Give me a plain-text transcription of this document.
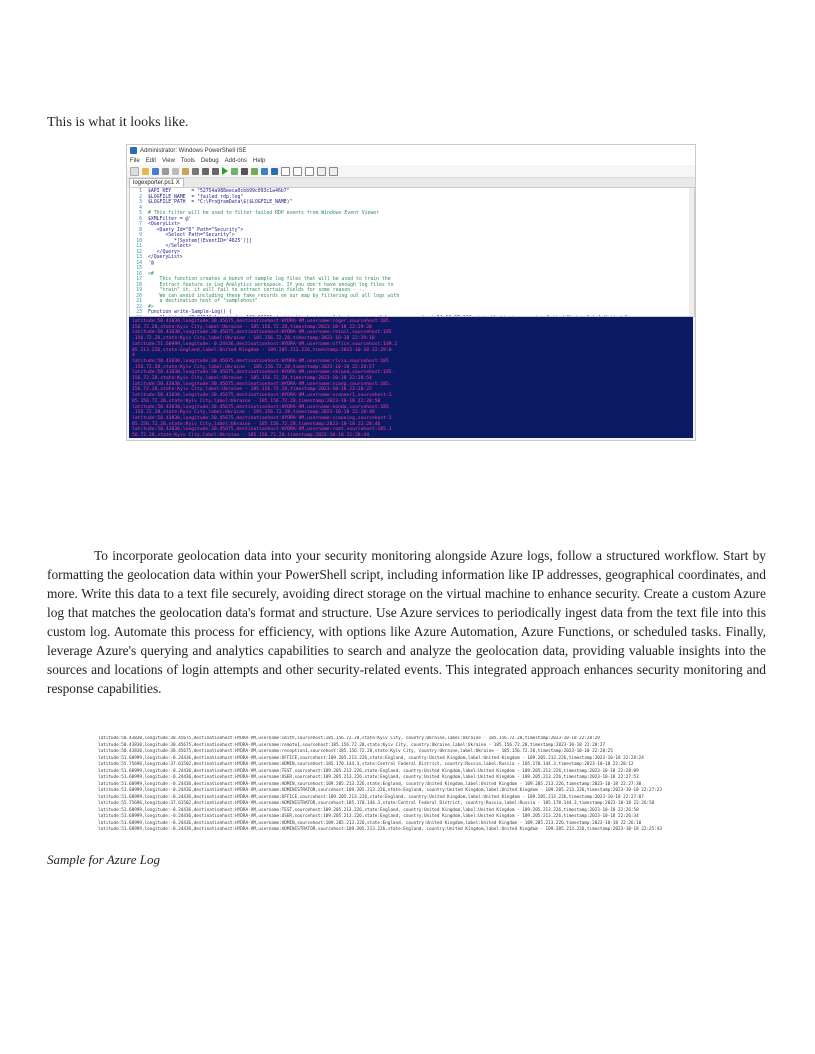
This is what it looks like.
Administrator: Windows PowerShell ISE
File Edit View Tools Debug Add-ons Help
logexporter.ps1 X
1
2
3
4
5
6
7
8
9
10
11
12
13
14
15
16
17
18
19
20
21
22
23
$API_KEY       = "52754a988eeca0cbb99c093c1a46b7"
$LOGFILE_NAME  = "failed_rdp.log"
$LOGFILE_PATH  = "C:\ProgramData\$($LOGFILE_NAME)"

# This filter will be used to filter failed RDP events from Windows Event Viewer
$XMLFilter = @'
<QueryList>
<Query Id="0" Path="Security">
<Select Path="Security">
*[System[(EventID='4625')]]
</Select>
</Query>
</QueryList>
'@

<#
This function creates a bunch of sample log files that will be used to train the
Extract feature in Log Analytics workspace. If you don't have enough log files to
"train" it, it will fail to extract certain fields for some reason -_-.
We can avoid including these fake records on our map by filtering out all logs with
a destination host of "samplehost"
#>
Function write-Sample-Log() {
latitude:50.43830,longitude:30.45675,destinationhost:HYDRA-VM,username:roger,sourcehost:185.
156.72.28,state:Kyiv City,label:Ukraine - 185.156.72.28,timestamp:2023-10-18 22:29:20
latitude:50.43830,longitude:30.45675,destinationhost:HYDRA-VM,username:retail,sourcehost:185
.156.72.28,state:Kyiv City,label:Ukraine - 185.156.72.28,timestamp:2023-10-18 22:29:10
latitude:51.60999,longitude:-0.24436,destinationhost:HYDRA-VM,username:office,sourcehost:109.2
05.213.226,state:England,label:United Kingdom - 109.205.213.226,timestamp:2023-10-18 22:29:0
4
latitude:50.43830,longitude:30.45675,destinationhost:HYDRA-VM,username:rlvia,sourcehost:185
.156.72.28,state:Kyiv City,label:Ukraine - 185.156.72.28,timestamp:2023-10-18 22:28:57
latitude:50.43830,longitude:30.45675,destinationhost:HYDRA-VM,username:skland,sourcehost:185.
156.72.28,state:Kyiv City,label:Ukraine - 185.156.72.28,timestamp:2023-10-18 22:28:54
latitude:50.43830,longitude:30.45675,destinationhost:HYDRA-VM,username:scanp,sourcehost:185.
156.72.28,state:Kyiv City,label:Ukraine - 185.156.72.28,timestamp:2023-10-18 22:28:22
latitude:50.43830,longitude:30.45675,destinationhost:HYDRA-VM,username:scanner1,sourcehost:1
85.156.72.28,state:Kyiv City,label:Ukraine - 185.156.72.28,timestamp:2023-10-18 22:28:50
latitude:50.43830,longitude:30.45675,destinationhost:HYDRA-VM,username:honda,sourcehost:185
.156.72.28,state:Kyiv City,label:Ukraine - 185.156.72.28,timestamp:2023-10-18 22:28:48
latitude:50.43830,longitude:30.45675,destinationhost:HYDRA-VM,username:scanning,sourcehost:1
85.156.72.28,state:Kyiv City,label:Ukraine - 185.156.72.28,timestamp:2023-10-18 22:28:46
latitude:50.43830,longitude:30.45675,destinationhost:HYDRA-VM,username:root,sourcehost:185.1
56.72.28,state:Kyiv City,label:Ukraine - 185.156.72.28,timestamp:2023-10-18 22:28:44
To incorporate geolocation data into your security monitoring alongside Azure logs, follow a structured workflow. Start by formatting the geolocation data within your PowerShell script, including information like IP addresses, geographical coordinates, and more. Write this data to a text file securely, avoiding direct storage on the virtual machine to enhance security. Create a custom Azure log that matches the geolocation data's format and structure. Use Azure services to periodically ingest data from the text file into this custom log. Automate this process for efficiency, with options like Azure Automation, Azure Functions, or scheduled tasks. Finally, leverage Azure's querying and analytics capabilities to search and analyze the geolocation data, providing valuable insights into the sources and locations of login attempts and other security-related events. This integrated approach enhances security monitoring and response capabilities.
latitude:50.43830,longitude:30.45675,destinationhost:HYDRA-VM,username:smith,sourcehost:185.156.72.28,state:Kyiv City, country:Ukraine,label:Ukraine - 185.156.72.28,timestamp:2023-10-18 22:28:29
latitude:50.43830,longitude:30.45675,destinationhost:HYDRA-VM,username:remote1,sourcehost:185.156.72.28,state:Kyiv City, country:Ukraine,label:Ukraine - 185.156.72.28,timestamp:2023-10-18 22:28:27
latitude:50.43830,longitude:30.45675,destinationhost:HYDRA-VM,username:reception1,sourcehost:185.156.72.28,state:Kyiv City, country:Ukraine,label:Ukraine - 185.156.72.28,timestamp:2023-10-18 22:28:25
latitude:51.60999,longitude:-0.24436,destinationhost:HYDRA-VM,username:OFFICE,sourcehost:109.205.213.226,state:England, country:United Kingdom,label:United Kingdom - 109.205.213.226,timestamp:2023-10-18 22:28:24
latitude:55.75696,longitude:37.61502,destinationhost:HYDRA-VM,username:ADMIN,sourcehost:185.170.144.3,state:Central Federal District, country:Russia,label:Russia - 185.170.144.3,timestamp:2023-10-18 22:28:12
latitude:51.60999,longitude:-0.24436,destinationhost:HYDRA-VM,username:TEST,sourcehost:109.205.213.226,state:England, country:United Kingdom,label:United Kingdom - 109.205.213.226,timestamp:2023-10-18 22:28:09
latitude:51.60999,longitude:-0.24436,destinationhost:HYDRA-VM,username:USER,sourcehost:109.205.213.226,state:England, country:United Kingdom,label:United Kingdom - 109.205.213.226,timestamp:2023-10-18 22:27:53
latitude:51.60999,longitude:-0.24436,destinationhost:HYDRA-VM,username:ADMIN,sourcehost:109.205.213.226,state:England, country:United Kingdom,label:United Kingdom - 109.205.213.226,timestamp:2023-10-18 22:27:30
latitude:51.60999,longitude:-0.24436,destinationhost:HYDRA-VM,username:ADMINISTRATOR,sourcehost:109.205.213.226,state:England, country:United Kingdom,label:United Kingdom - 109.205.213.226,timestamp:2023-10-18 22:27:23
latitude:51.60999,longitude:-0.24436,destinationhost:HYDRA-VM,username:OFFICE,sourcehost:109.205.213.226,state:England, country:United Kingdom,label:United Kingdom - 109.205.213.226,timestamp:2023-10-18 22:27:07
latitude:55.75696,longitude:37.61502,destinationhost:HYDRA-VM,username:ADMINISTRATOR,sourcehost:185.170.144.3,state:Central Federal District, country:Russia,label:Russia - 185.170.144.3,timestamp:2023-10-18 22:26:58
latitude:51.60999,longitude:-0.24436,destinationhost:HYDRA-VM,username:TEST,sourcehost:109.205.213.226,state:England, country:United Kingdom,label:United Kingdom - 109.205.213.226,timestamp:2023-10-18 22:26:50
latitude:51.60999,longitude:-0.24436,destinationhost:HYDRA-VM,username:USER,sourcehost:109.205.213.226,state:England, country:United Kingdom,label:United Kingdom - 109.205.213.226,timestamp:2023-10-18 22:26:34
latitude:51.60999,longitude:-0.24436,destinationhost:HYDRA-VM,username:ADMIN,sourcehost:109.205.213.226,state:England, country:United Kingdom,label:United Kingdom - 109.205.213.226,timestamp:2023-10-18 22:26:10
latitude:51.60999,longitude:-0.24436,destinationhost:HYDRA-VM,username:ADMINISTRATOR,sourcehost:109.205.213.226,state:England, country:United Kingdom,label:United Kingdom - 109.205.213.226,timestamp:2023-10-18 22:25:43
Sample for Azure Log
